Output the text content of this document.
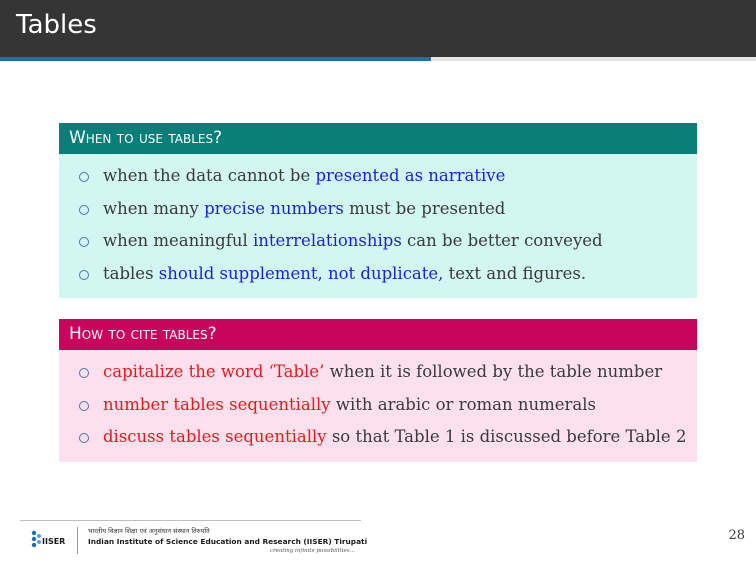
Tables
When to use tables?
when the data cannot be presented as narrative
when many precise numbers must be presented
when meaningful interrelationships can be better conveyed
tables should supplement, not duplicate, text and figures.
How to cite tables?
capitalize the word ‘Table’ when it is followed by the table number
number tables sequentially with arabic or roman numerals
discuss tables sequentially so that Table 1 is discussed before Table 2
IISER
भारतीय विज्ञान शिक्षा एवं अनुसंधान संस्थान तिरुपति
Indian Institute of Science Education and Research (IISER) Tirupati
creating infinite possibilities...
28
